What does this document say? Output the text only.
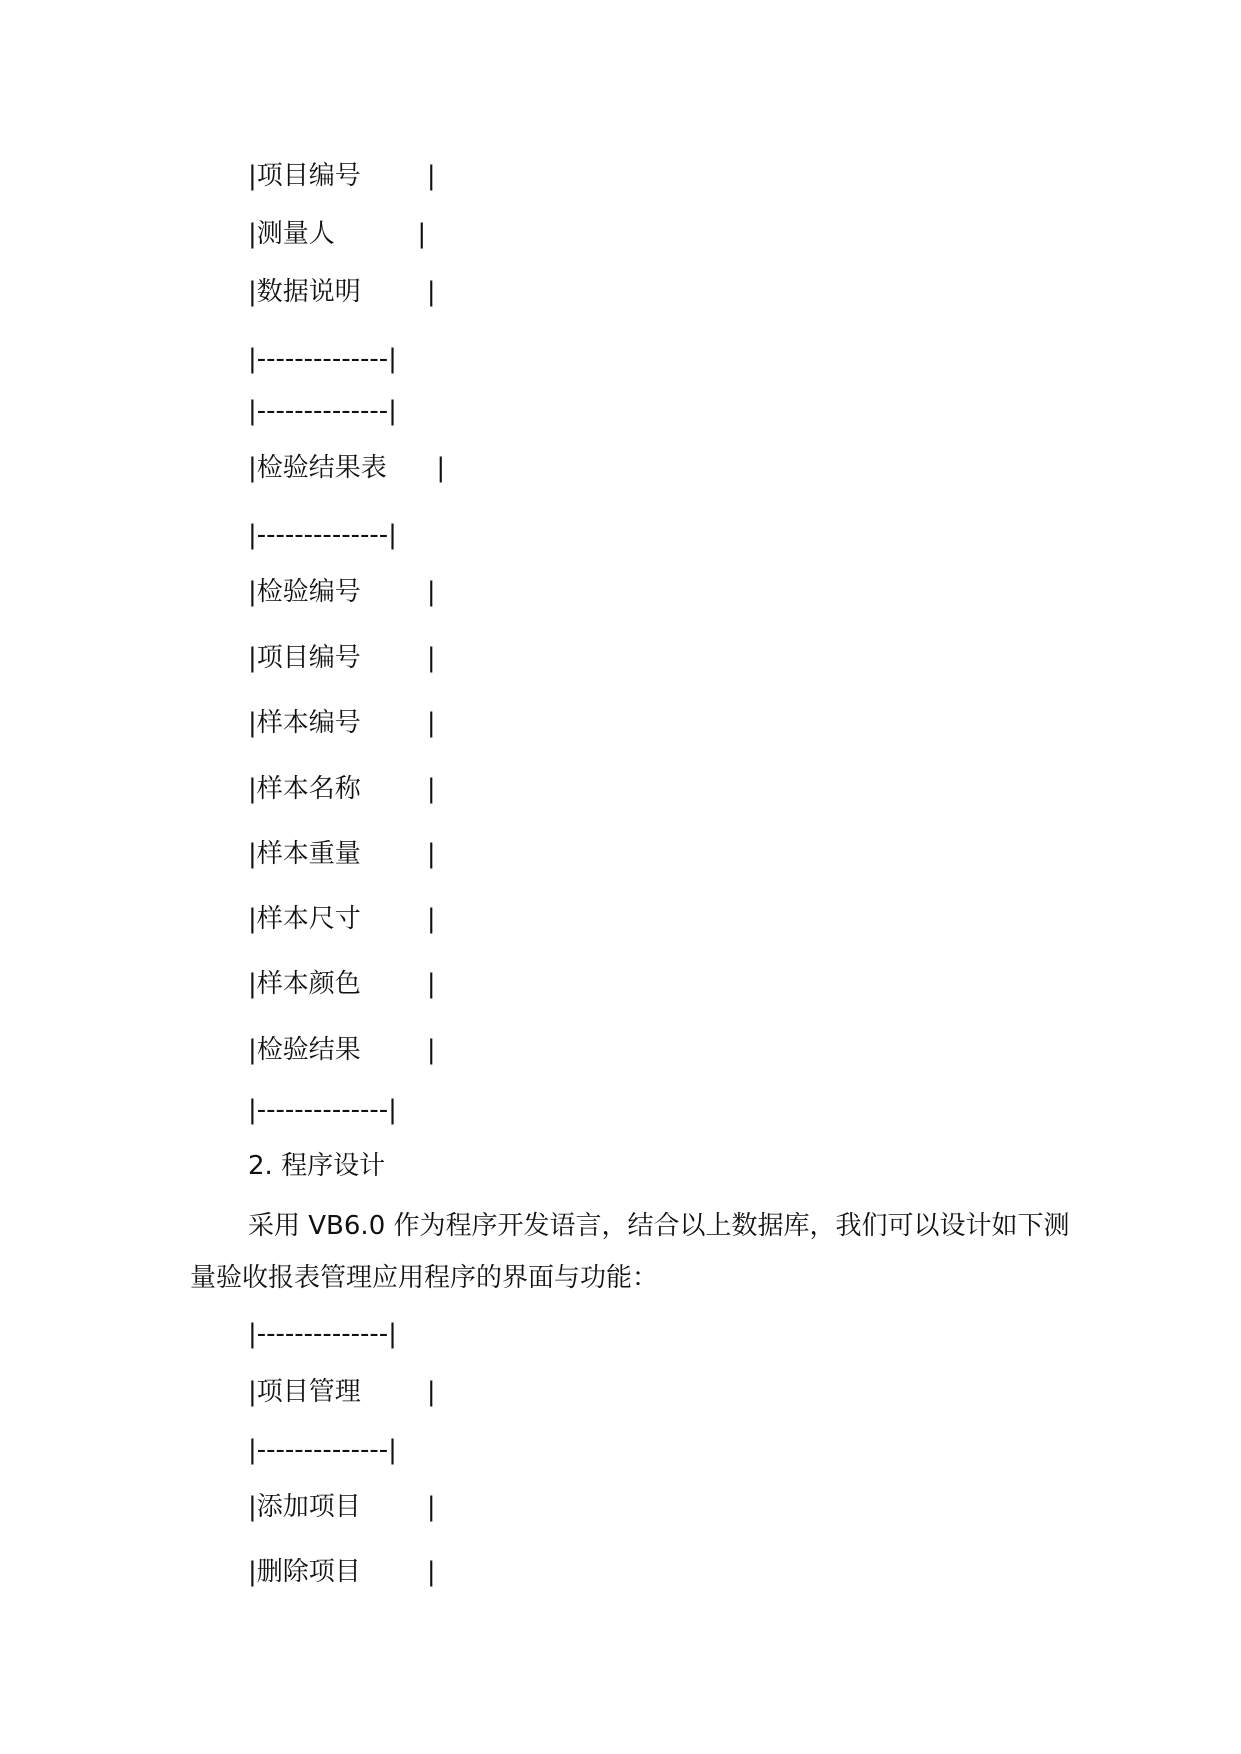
|项目编号        |

|测量人          |

|数据说明        |

|--------------|

|--------------|

|检验结果表      |

|--------------|

|检验编号        |

|项目编号        |

|样本编号        |

|样本名称        |

|样本重量        |

|样本尺寸        |

|样本颜色        |

|检验结果        |

|--------------|

2. 程序设计

采用 VB6.0 作为程序开发语言，结合以上数据库，我们可以设计如下测量验收报表管理应用程序的界面与功能：

|--------------|

|项目管理        |

|--------------|

|添加项目        |

|删除项目        |
